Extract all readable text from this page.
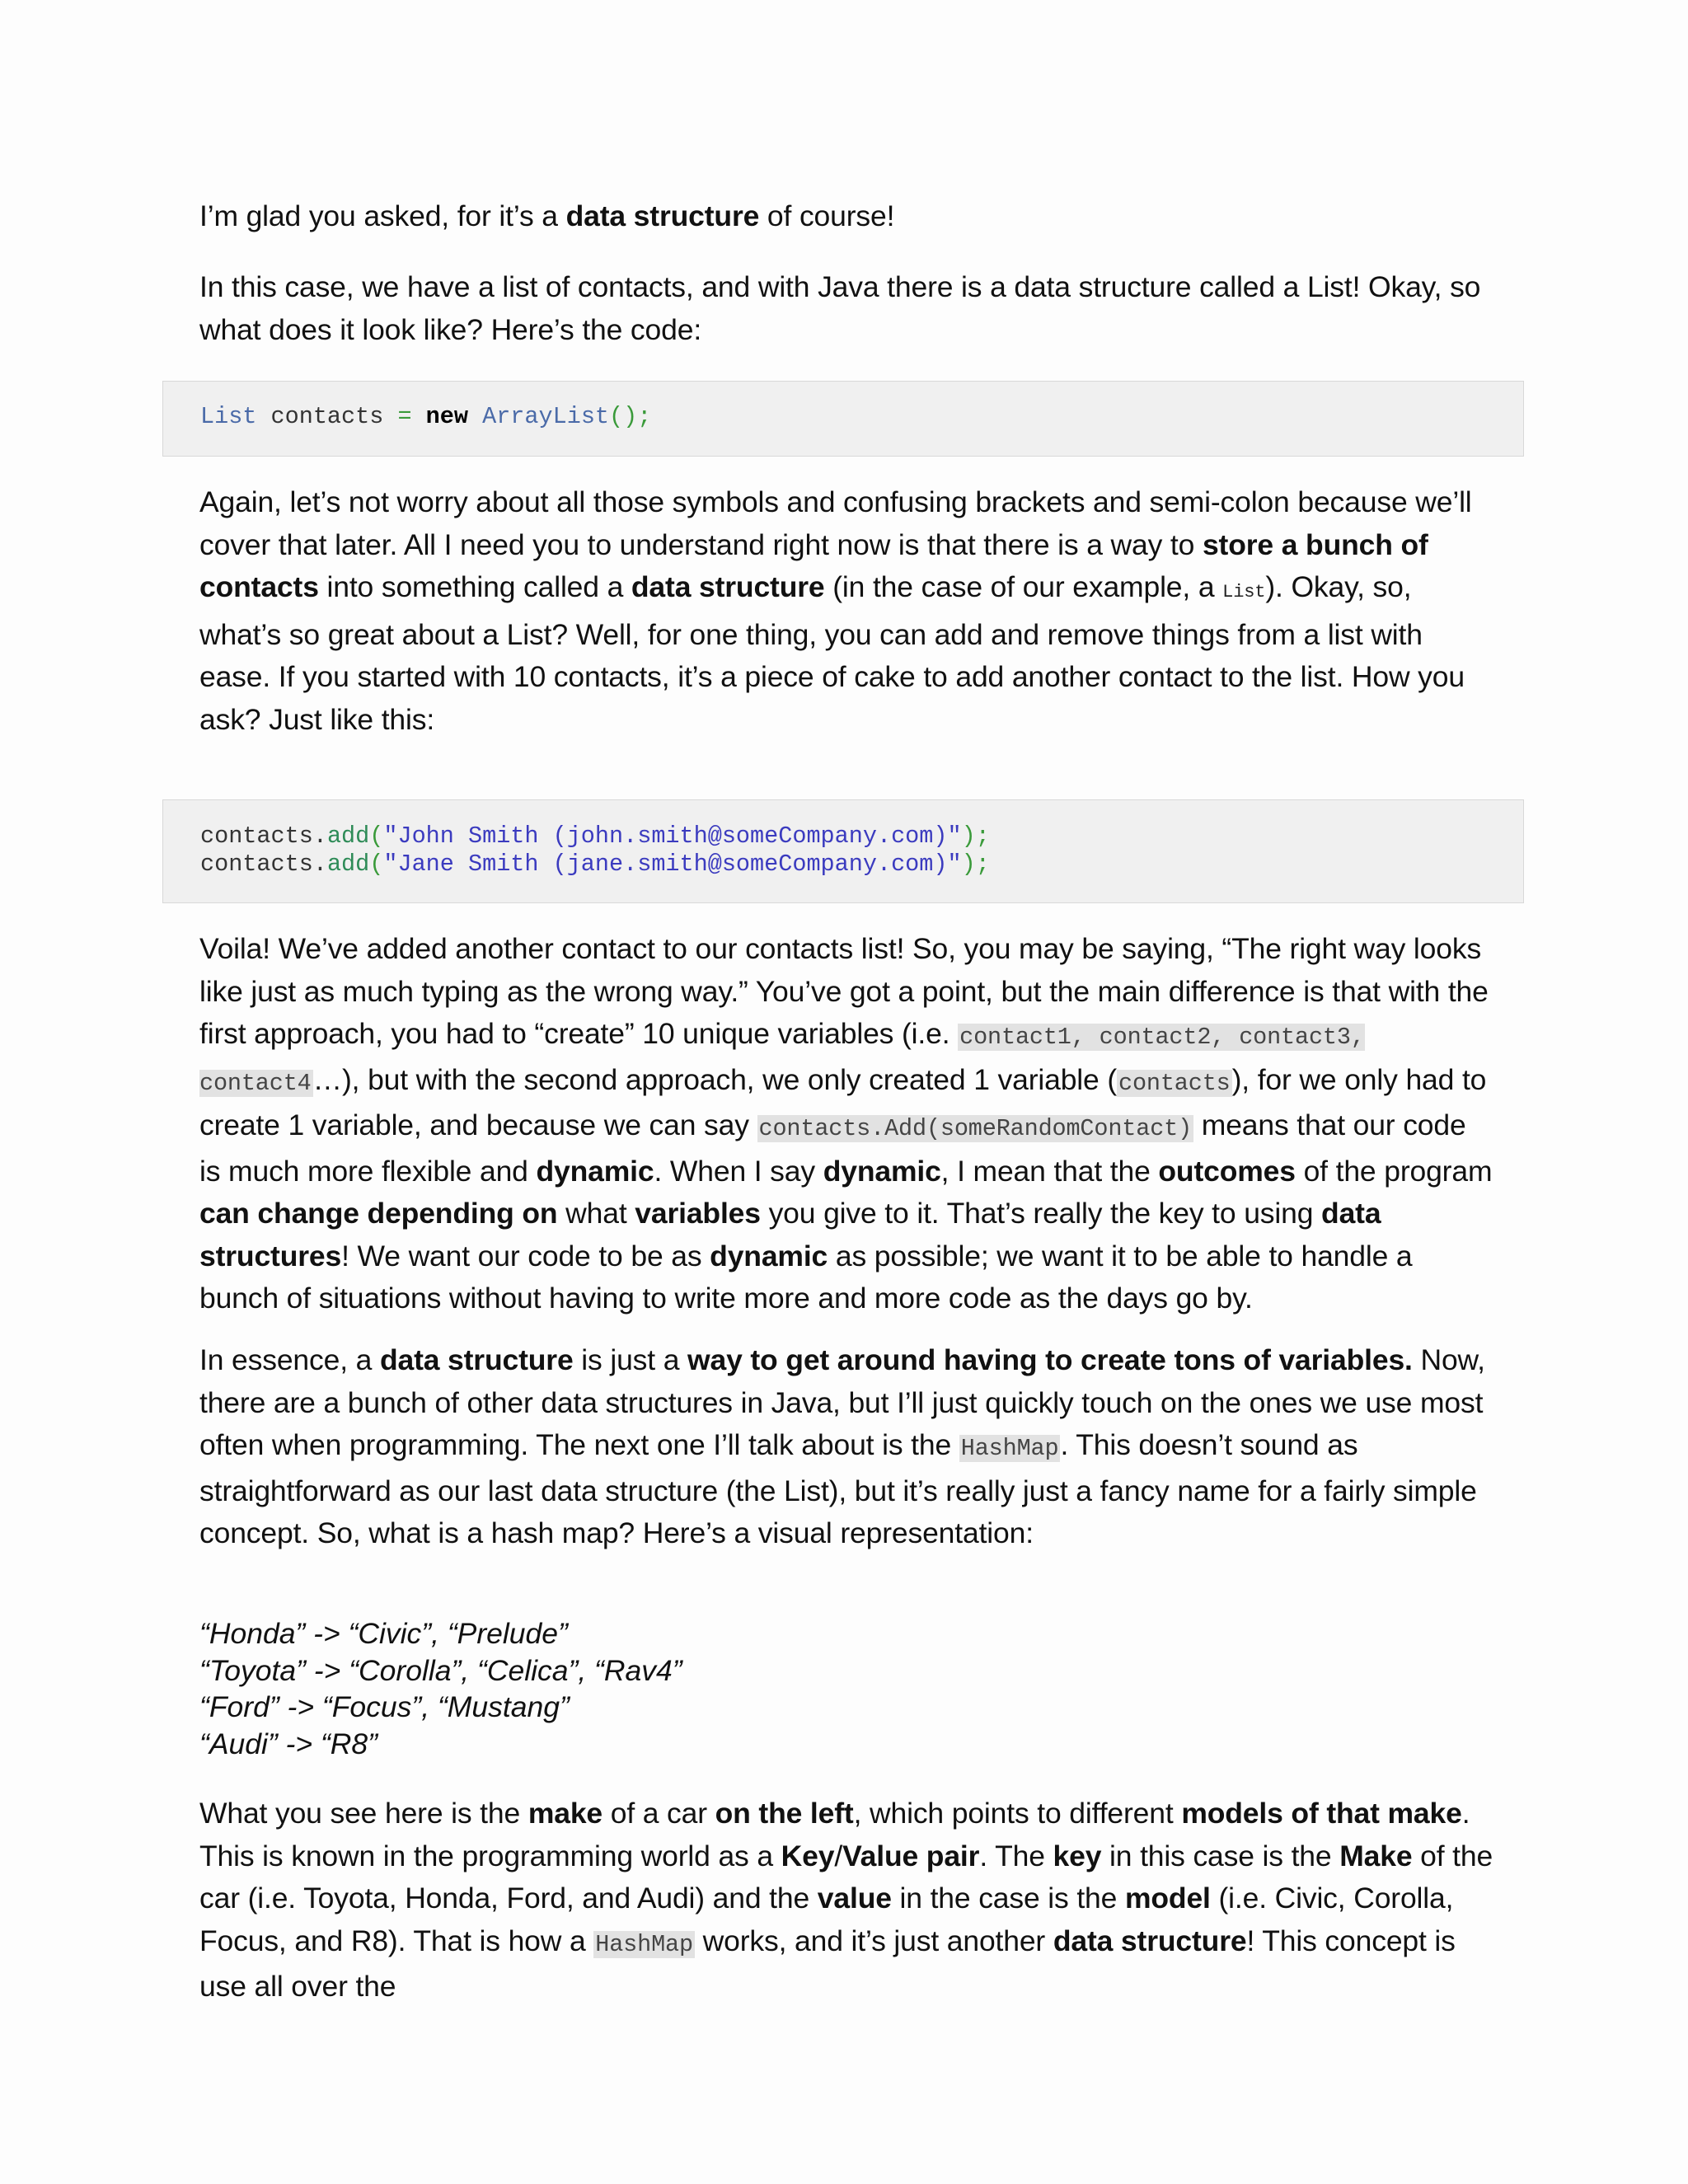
I’m glad you asked, for it’s a data structure of course!

In this case, we have a list of contacts, and with Java there is a data structure called a List! Okay, so what does it look like? Here’s the code:

List contacts = new ArrayList();

Again, let’s not worry about all those symbols and confusing brackets and semi-colon because we’ll cover that later. All I need you to understand right now is that there is a way to store a bunch of contacts into something called a data structure (in the case of our example, a List). Okay, so, what’s so great about a List? Well, for one thing, you can add and remove things from a list with ease. If you started with 10 contacts, it’s a piece of cake to add another contact to the list. How you ask? Just like this:

contacts.add("John Smith (john.smith@someCompany.com)");
contacts.add("Jane Smith (jane.smith@someCompany.com)");

Voila! We’ve added another contact to our contacts list! So, you may be saying, “The right way looks like just as much typing as the wrong way.” You’ve got a point, but the main difference is that with the first approach, you had to “create” 10 unique variables (i.e. contact1, contact2, contact3, contact4…), but with the second approach, we only created 1 variable (contacts), for we only had to create 1 variable, and because we can say contacts.Add(someRandomContact) means that our code is much more flexible and dynamic. When I say dynamic, I mean that the outcomes of the program can change depending on what variables you give to it. That’s really the key to using data structures! We want our code to be as dynamic as possible; we want it to be able to handle a bunch of situations without having to write more and more code as the days go by.

In essence, a data structure is just a way to get around having to create tons of variables. Now, there are a bunch of other data structures in Java, but I’ll just quickly touch on the ones we use most often when programming. The next one I’ll talk about is the HashMap. This doesn’t sound as straightforward as our last data structure (the List), but it’s really just a fancy name for a fairly simple concept. So, what is a hash map? Here’s a visual representation:

“Honda” -> “Civic”, “Prelude”

“Toyota” -> “Corolla”, “Celica”, “Rav4”

“Ford” -> “Focus”, “Mustang”

“Audi” -> “R8”

What you see here is the make of a car on the left, which points to different models of that make. This is known in the programming world as a Key/Value pair. The key in this case is the Make of the car (i.e. Toyota, Honda, Ford, and Audi) and the value in the case is the model (i.e. Civic, Corolla, Focus, and R8). That is how a HashMap works, and it’s just another data structure! This concept is use all over the
